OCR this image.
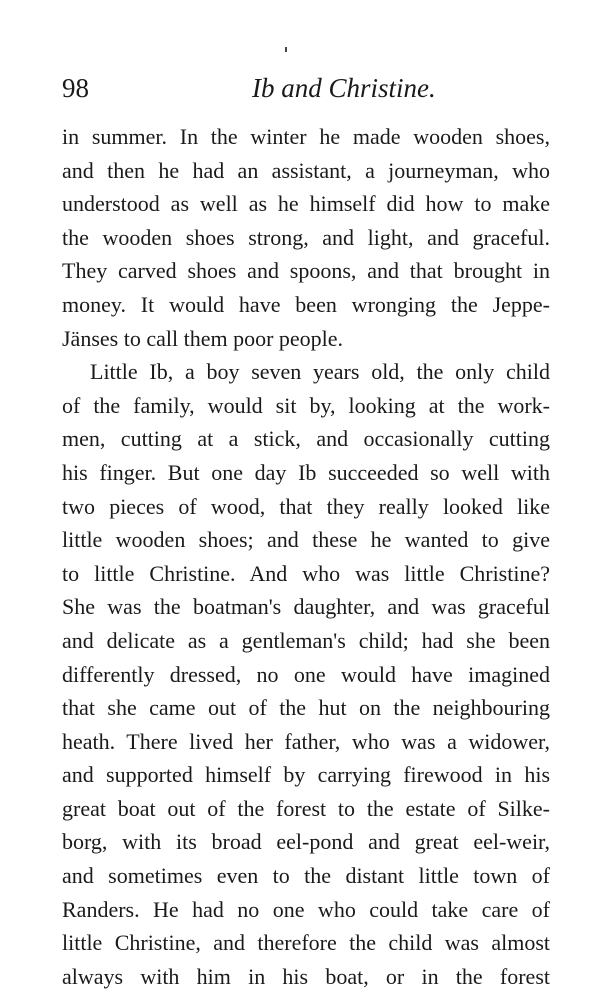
98	Ib and Christine.
in summer. In the winter he made wooden shoes,
and then he had an assistant, a journeyman, who
understood as well as he himself did how to make
the wooden shoes strong, and light, and graceful.
They carved shoes and spoons, and that brought in
money. It would have been wronging the Jeppe-
Jänses to call them poor people.
Little Ib, a boy seven years old, the only child
of the family, would sit by, looking at the work-
men, cutting at a stick, and occasionally cutting
his finger. But one day Ib succeeded so well with
two pieces of wood, that they really looked like
little wooden shoes; and these he wanted to give
to little Christine. And who was little Christine?
She was the boatman's daughter, and was graceful
and delicate as a gentleman's child; had she been
differently dressed, no one would have imagined
that she came out of the hut on the neighbouring
heath. There lived her father, who was a widower,
and supported himself by carrying firewood in his
great boat out of the forest to the estate of Silke-
borg, with its broad eel-pond and great eel-weir,
and sometimes even to the distant little town of
Randers. He had no one who could take care of
little Christine, and therefore the child was almost
always with him in his boat, or in the forest
